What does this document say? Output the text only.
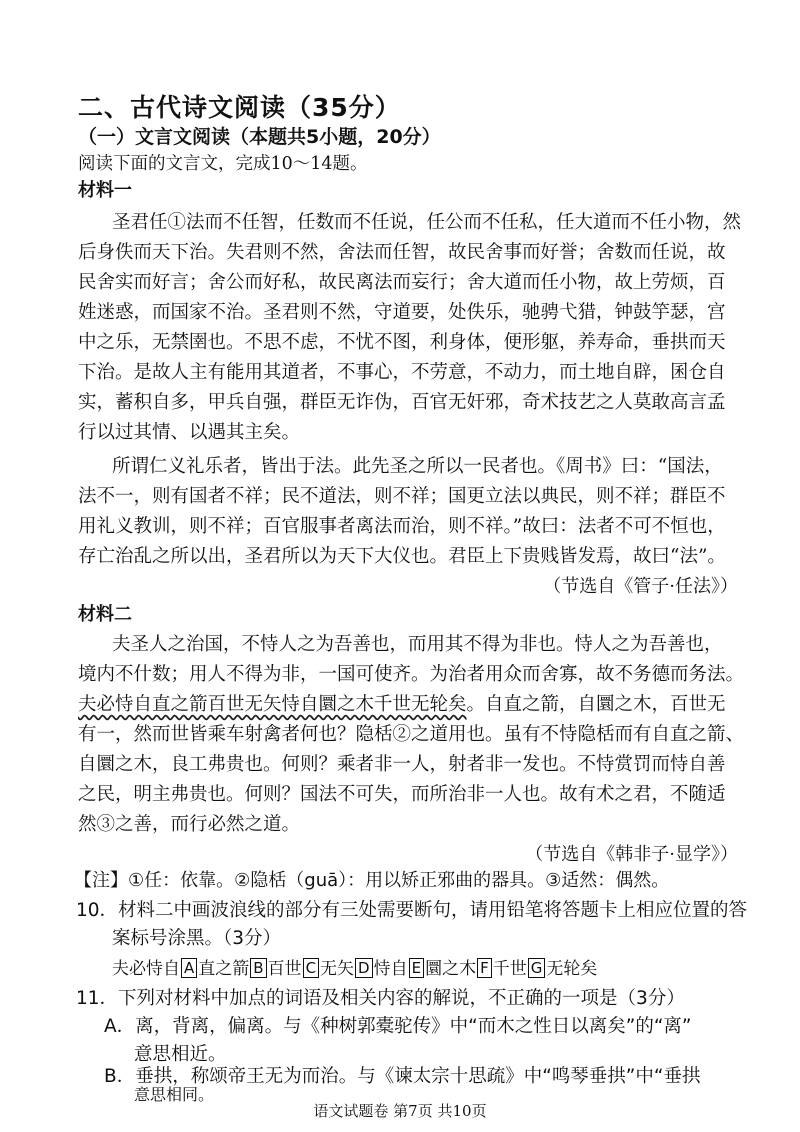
二、古代诗文阅读（35分）
（一）文言文阅读（本题共5小题，20分）
阅读下面的文言文，完成10～14题。
材料一
圣君任①法而不任智，任数而不任说，任公而不任私，任大道而不任小物，然
后身佚而天下治。失君则不然，舍法而任智，故民舍事而好誉；舍数而任说，故
民舍实而好言；舍公而好私，故民离法而妄行；舍大道而任小物，故上劳烦，百
姓迷惑，而国家不治。圣君则不然，守道要，处佚乐，驰骋弋猎，钟鼓竽瑟，宫
中之乐，无禁圉也。不思不虑，不忧不图，利身体，便形躯，养寿命，垂拱而天
下治。是故人主有能用其道者，不事心，不劳意，不动力，而土地自辟，囷仓自
实，蓄积自多，甲兵自强，群臣无诈伪，百官无奸邪，奇术技艺之人莫敢高言孟
行以过其情、以遇其主矣。
所谓仁义礼乐者，皆出于法。此先圣之所以一民者也。《周书》曰：“国法，
法不一，则有国者不祥；民不道法，则不祥；国更立法以典民，则不祥；群臣不
用礼义教训，则不祥；百官服事者离法而治，则不祥。”故曰：法者不可不恒也，
存亡治乱之所以出，圣君所以为天下大仪也。君臣上下贵贱皆发焉，故曰“法”。
（节选自《管子·任法》）
材料二
夫圣人之治国，不恃人之为吾善也，而用其不得为非也。恃人之为吾善也，
境内不什数；用人不得为非，一国可使齐。为治者用众而舍寡，故不务德而务法。
夫必恃自直之箭百世无矢恃自圜之木千世无轮矣。自直之箭，自圜之木，百世无
有一，然而世皆乘车射禽者何也？隐栝②之道用也。虽有不恃隐栝而有自直之箭、
自圜之木，良工弗贵也。何则？乘者非一人，射者非一发也。不恃赏罚而恃自善
之民，明主弗贵也。何则？国法不可失，而所治非一人也。故有术之君，不随适
然③之善，而行必然之道。
（节选自《韩非子·显学》）
【注】①任：依靠。②隐栝（guā）：用以矫正邪曲的器具。③适然：偶然。
10．材料二中画波浪线的部分有三处需要断句，请用铅笔将答题卡上相应位置的答
案标号涂黑。（3分）
夫必恃自 A 直之箭 B 百世 C 无矢 D 恃自 E 圜之木 F 千世 G 无轮矣
11．下列对材料中加点的词语及相关内容的解说，不正确的一项是（3分）
A．离，背离，偏离。与《种树郭橐驼传》中“而木之性日以离矣”的“离”
意思相近。
语文试题卷 第7页 共10页
B．垂拱，称颂帝王无为而治。与《谏太宗十思疏》中“鸣琴垂拱”中“垂拱
意思相同。
